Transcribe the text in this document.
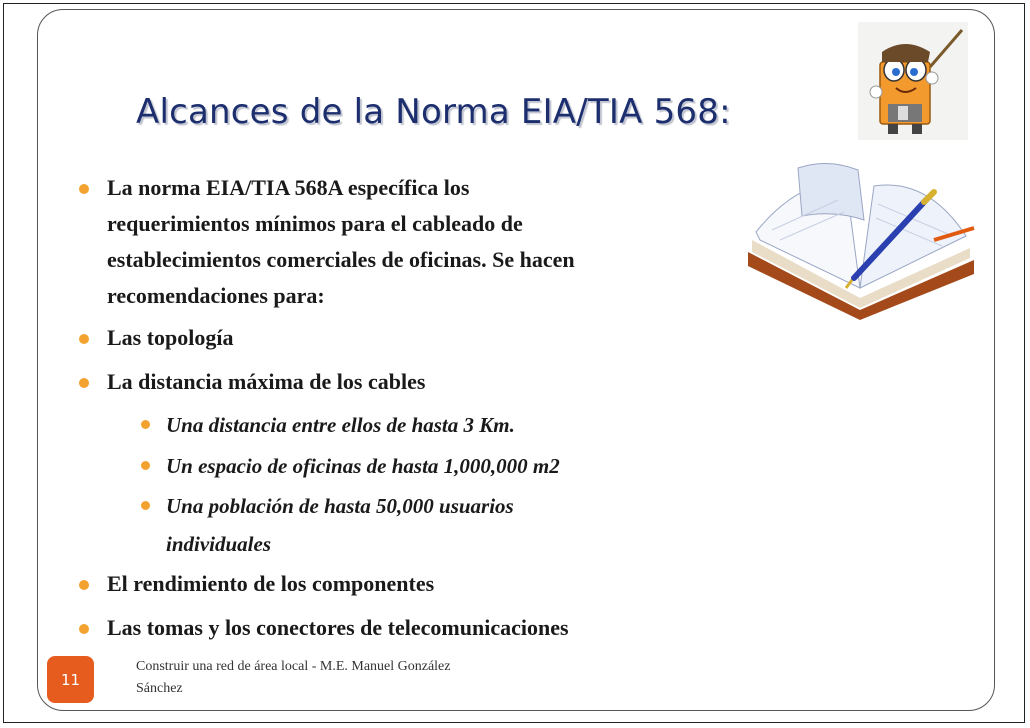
Alcances de la Norma EIA/TIA 568:
La norma EIA/TIA 568A específica los
requerimientos mínimos para el cableado de
establecimientos comerciales de oficinas. Se hacen
recomendaciones para:
Las topología
La distancia máxima de los cables
Una distancia entre ellos de hasta 3 Km.
Un espacio de oficinas de hasta 1,000,000 m2
Una población de hasta 50,000 usuarios
individuales
El rendimiento de los componentes
Las tomas y los conectores de telecomunicaciones
Construir una red de área local - M.E. Manuel González
Sánchez
11
